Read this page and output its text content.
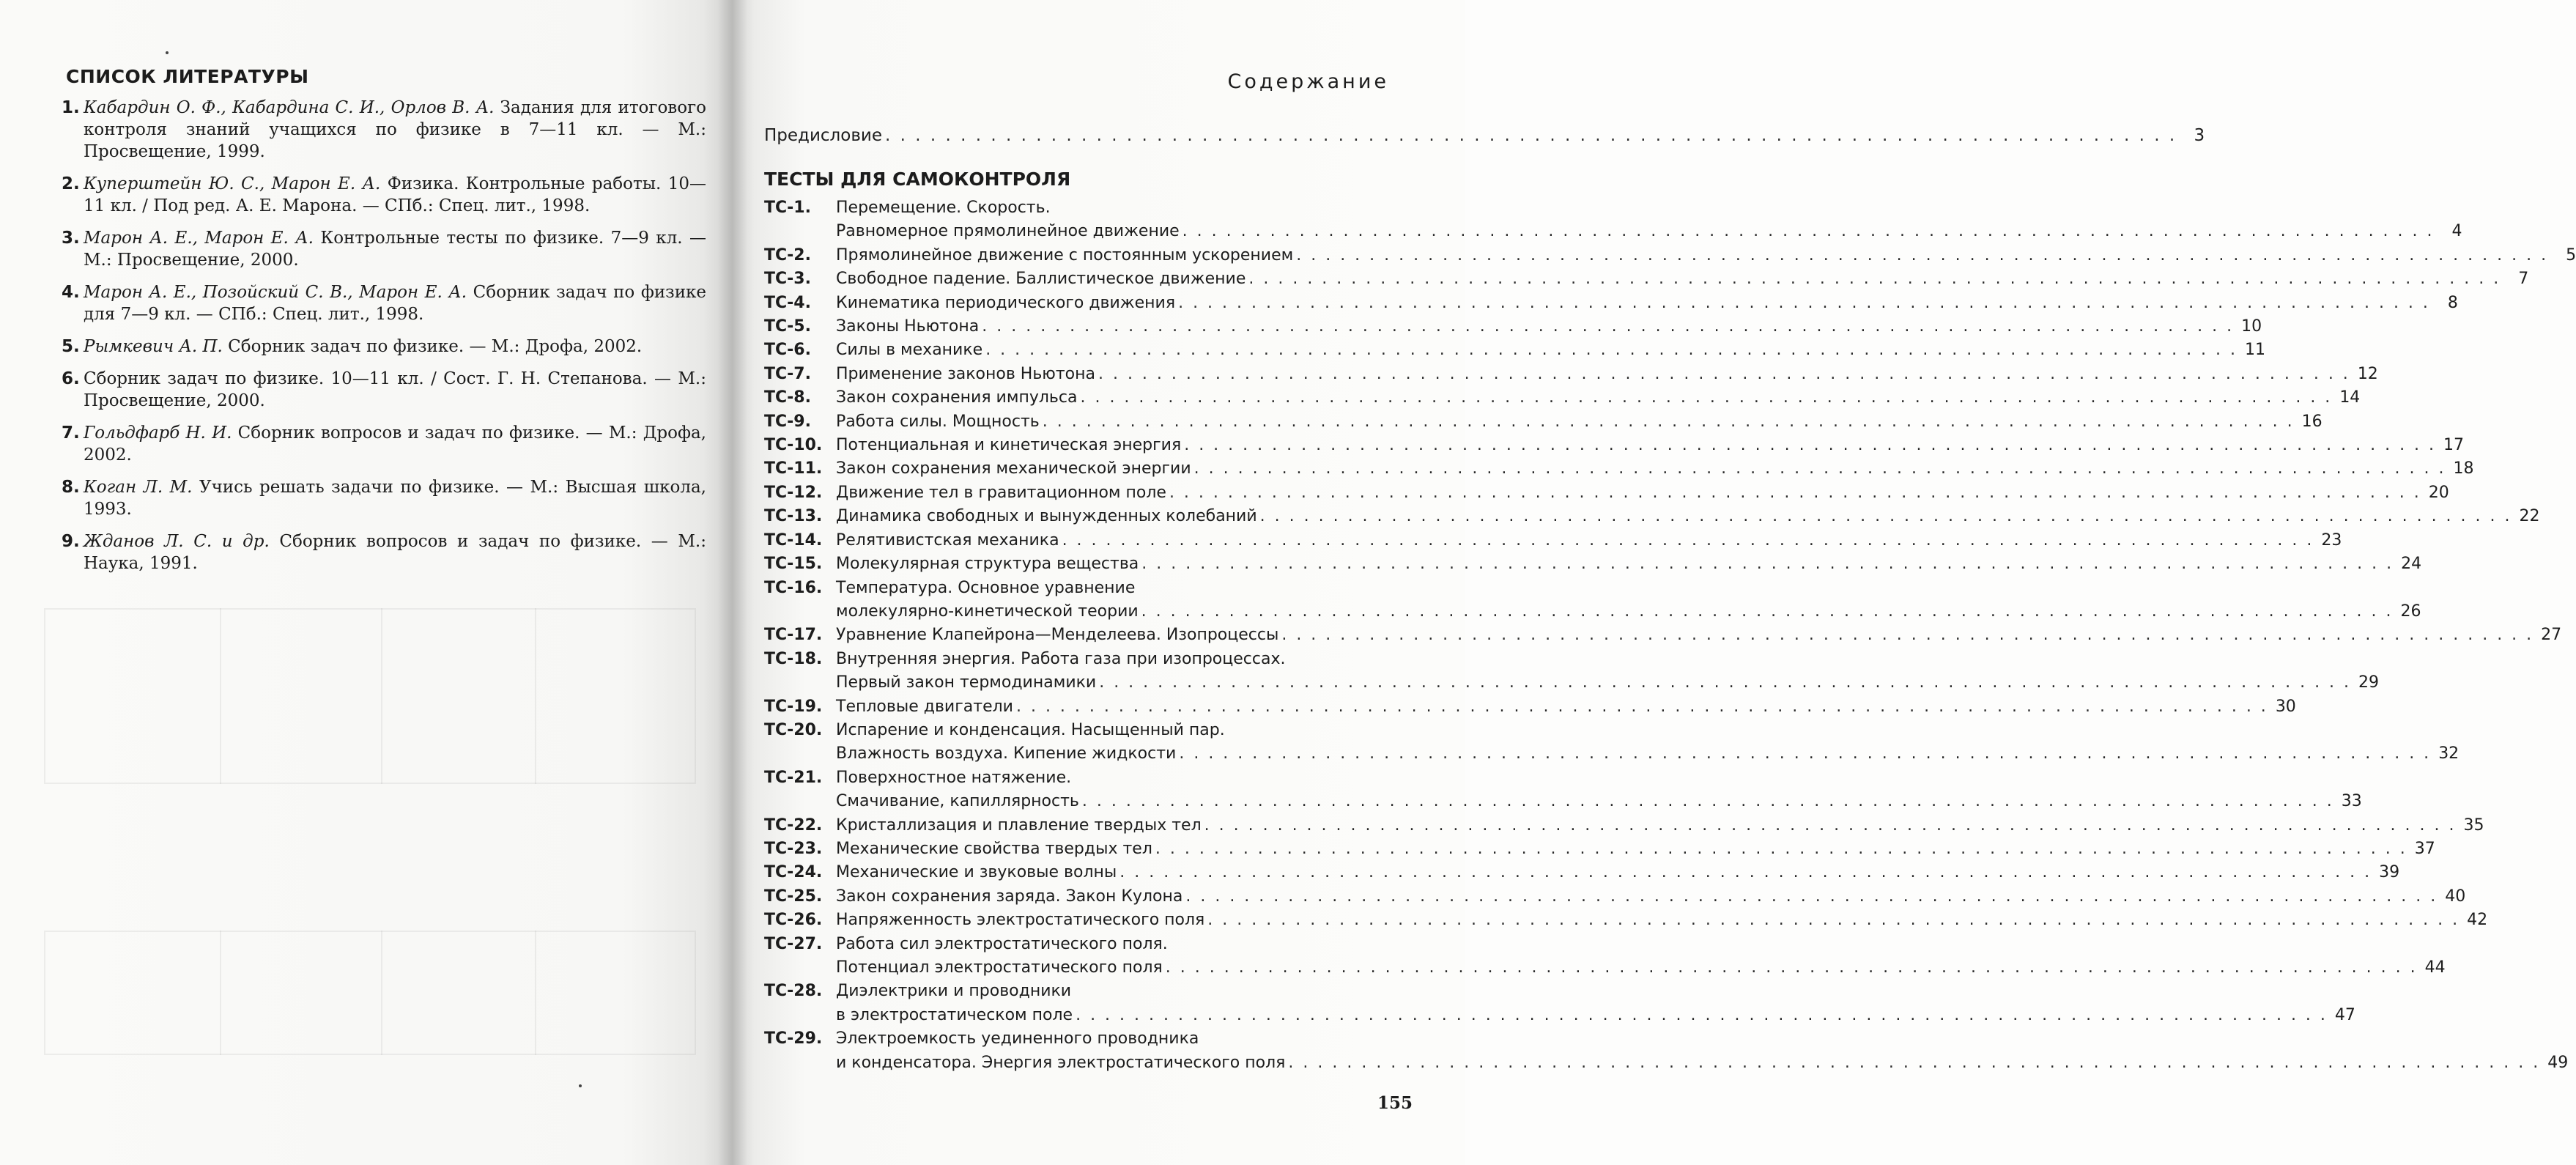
СПИСОК ЛИТЕРАТУРЫ
1. Кабардин О. Ф., Кабардина С. И., Орлов В. А. Задания для итогового контроля знаний учащихся по физике в 7—11 кл. — М.: Просвещение, 1999.
2. Куперштейн Ю. С., Марон Е. А. Физика. Контрольные работы. 10—11 кл. / Под ред. А. Е. Марона. — СПб.: Спец. лит., 1998.
3. Марон А. Е., Марон Е. А. Контрольные тесты по физике. 7—9 кл. — М.: Просвещение, 2000.
4. Марон А. Е., Позойский С. В., Марон Е. А. Сборник задач по физике для 7—9 кл. — СПб.: Спец. лит., 1998.
5. Рымкевич А. П. Сборник задач по физике. — М.: Дрофа, 2002.
6. Сборник задач по физике. 10—11 кл. / Сост. Г. Н. Степанова. — М.: Просвещение, 2000.
7. Гольдфарб Н. И. Сборник вопросов и задач по физике. — М.: Дрофа, 2002.
8. Коган Л. М. Учись решать задачи по физике. — М.: Высшая школа, 1993.
9. Жданов Л. С. и др. Сборник вопросов и задач по физике. — М.: Наука, 1991.
Содержание
Предисловие . . .	3
ТЕСТЫ ДЛЯ САМОКОНТРОЛЯ
ТС-1.	Перемещение. Скорость.
Равномерное прямолинейное движение . . .	4
ТС-2.	Прямолинейное движение с постоянным ускорением . . .	5
ТС-3.	Свободное падение. Баллистическое движение . . .	7
ТС-4.	Кинематика периодического движения . . .	8
ТС-5.	Законы Ньютона . . .	10
ТС-6.	Силы в механике . . .	11
ТС-7.	Применение законов Ньютона . . .	12
ТС-8.	Закон сохранения импульса . . .	14
ТС-9.	Работа силы. Мощность . . .	16
ТС-10. Потенциальная и кинетическая энергия . . .	17
ТС-11. Закон сохранения механической энергии . . .	18
ТС-12. Движение тел в гравитационном поле . . .	20
ТС-13. Динамика свободных и вынужденных колебаний . . .	22
ТС-14. Релятивистская механика . . .	23
ТС-15. Молекулярная структура вещества . . .	24
ТС-16. Температура. Основное уравнение
молекулярно-кинетической теории . . .	26
ТС-17. Уравнение Клапейрона—Менделеева. Изопроцессы . . .	27
ТС-18. Внутренняя энергия. Работа газа при изопроцессах.
Первый закон термодинамики . . .	29
ТС-19. Тепловые двигатели . . .	30
ТС-20. Испарение и конденсация. Насыщенный пар.
Влажность воздуха. Кипение жидкости . . .	32
ТС-21. Поверхностное натяжение.
Смачивание, капиллярность . . .	33
ТС-22. Кристаллизация и плавление твердых тел . . .	35
ТС-23. Механические свойства твердых тел . . .	37
ТС-24. Механические и звуковые волны . . .	39
ТС-25. Закон сохранения заряда. Закон Кулона . . .	40
ТС-26. Напряженность электростатического поля . . .	42
ТС-27. Работа сил электростатического поля.
Потенциал электростатического поля . . .	44
ТС-28. Диэлектрики и проводники
в электростатическом поле . . .	47
ТС-29. Электроемкость уединенного проводника
и конденсатора. Энергия электростатического поля . . .	49
155
